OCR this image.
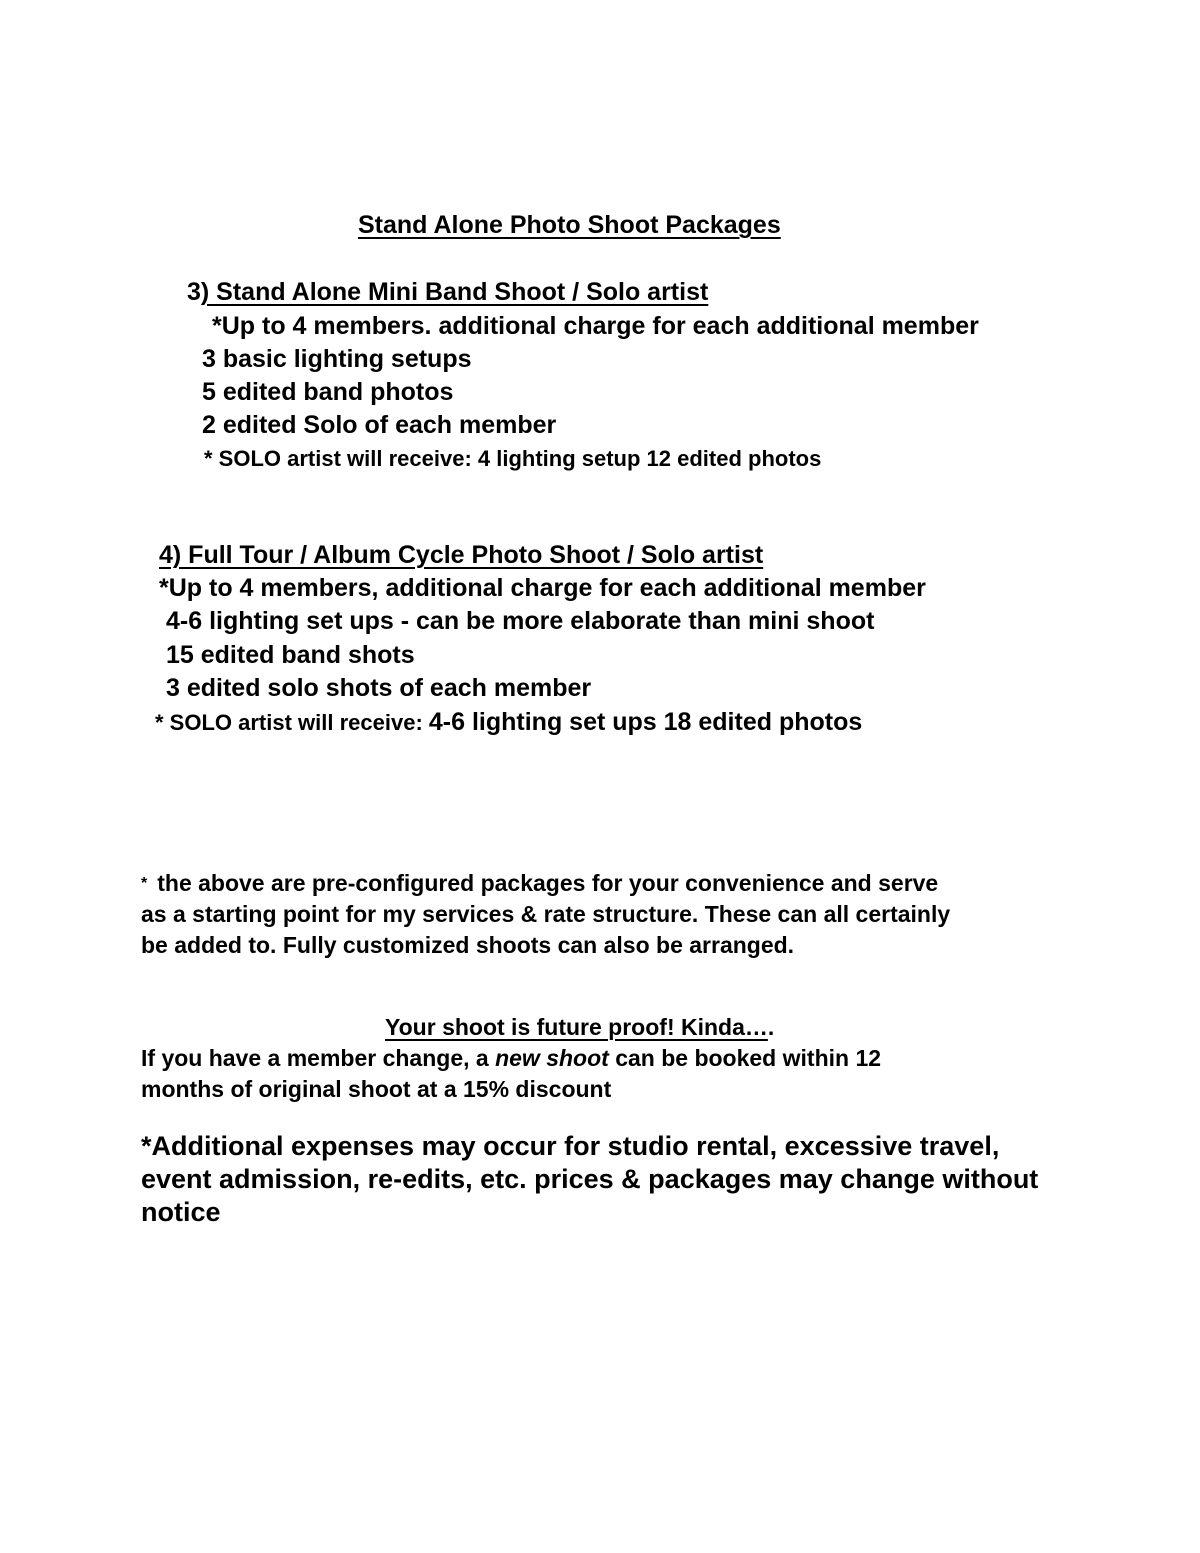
Stand Alone Photo Shoot Packages
3) Stand Alone Mini Band Shoot / Solo artist
*Up to 4 members. additional charge for each additional member
3 basic lighting setups
5 edited band photos
2 edited Solo of each member
* SOLO artist will receive: 4 lighting setup 12 edited photos
4) Full Tour / Album Cycle Photo Shoot / Solo artist
*Up to 4 members, additional charge for each additional member
4-6 lighting set ups - can be more elaborate than mini shoot
15 edited band shots
3 edited solo shots of each member
* SOLO artist will receive: 4-6 lighting set ups 18 edited photos
* the above are pre-configured packages for your convenience and serve
as a starting point for my services & rate structure. These can all certainly
be added to. Fully customized shoots can also be arranged.
Your shoot is future proof! Kinda….
If you have a member change, a new shoot can be booked within 12
months of original shoot at a 15% discount
*Additional expenses may occur for studio rental, excessive travel,
event admission, re-edits, etc. prices & packages may change without
notice
